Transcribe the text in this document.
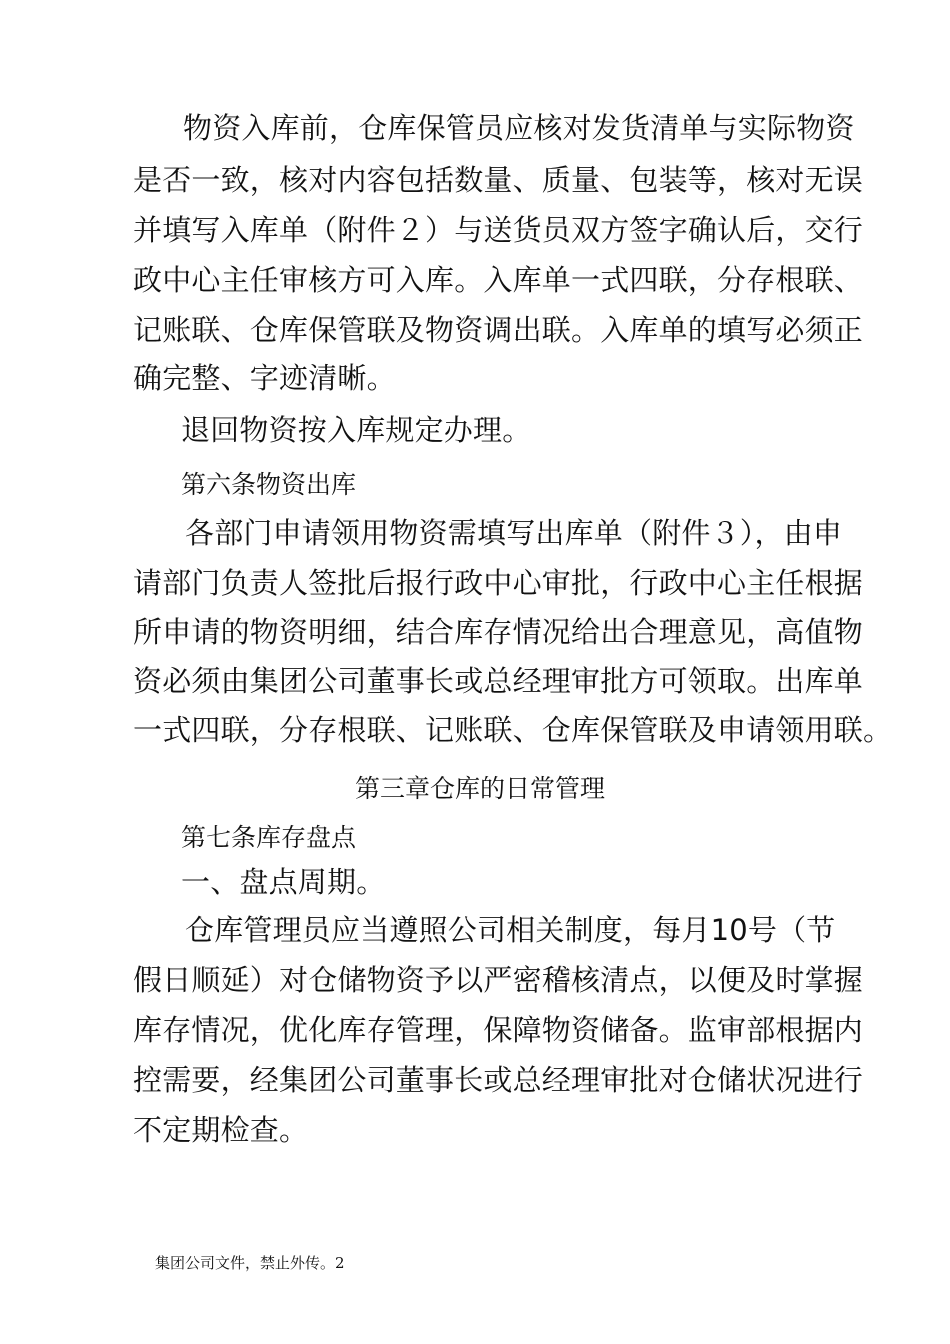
物资入库前，仓库保管员应核对发货清单与实际物资
是否一致，核对内容包括数量、质量、包装等，核对无误
并填写入库单（附件２）与送货员双方签字确认后，交行
政中心主任审核方可入库。入库单一式四联，分存根联、
记账联、仓库保管联及物资调出联。入库单的填写必须正
确完整、字迹清晰。
退回物资按入库规定办理。
第六条物资出库
各部门申请领用物资需填写出库单（附件３），由申
请部门负责人签批后报行政中心审批，行政中心主任根据
所申请的物资明细，结合库存情况给出合理意见，高值物
资必须由集团公司董事长或总经理审批方可领取。出库单
一式四联，分存根联、记账联、仓库保管联及申请领用联。
第三章仓库的日常管理
第七条库存盘点
一、盘点周期。
仓库管理员应当遵照公司相关制度，每月10号（节
假日顺延）对仓储物资予以严密稽核清点，以便及时掌握
库存情况，优化库存管理，保障物资储备。监审部根据内
控需要，经集团公司董事长或总经理审批对仓储状况进行
不定期检查。
集团公司文件，禁止外传。2
